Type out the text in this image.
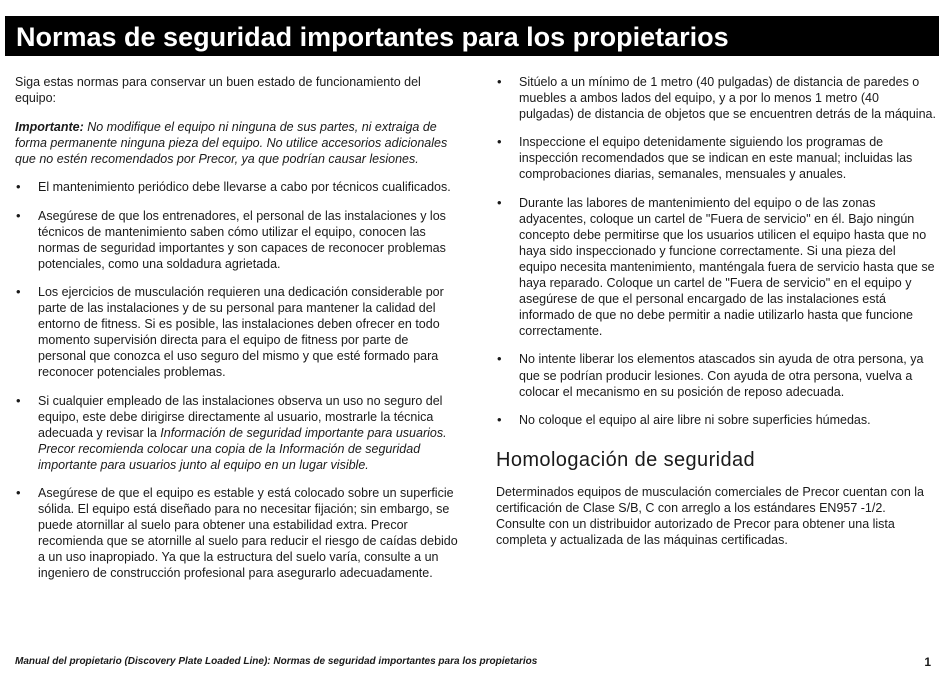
Normas de seguridad importantes para los propietarios

Siga estas normas para conservar un buen estado de funcionamiento del equipo:

Importante: No modifique el equipo ni ninguna de sus partes, ni extraiga de forma permanente ninguna pieza del equipo. No utilice accesorios adicionales que no estén recomendados por Precor, ya que podrían causar lesiones.

• El mantenimiento periódico debe llevarse a cabo por técnicos cualificados.
• Asegúrese de que los entrenadores, el personal de las instalaciones y los técnicos de mantenimiento saben cómo utilizar el equipo, conocen las normas de seguridad importantes y son capaces de reconocer problemas potenciales, como una soldadura agrietada.
• Los ejercicios de musculación requieren una dedicación considerable por parte de las instalaciones y de su personal para mantener la calidad del entorno de fitness. Si es posible, las instalaciones deben ofrecer en todo momento supervisión directa para el equipo de fitness por parte de personal que conozca el uso seguro del mismo y que esté formado para reconocer potenciales problemas.
• Si cualquier empleado de las instalaciones observa un uso no seguro del equipo, este debe dirigirse directamente al usuario, mostrarle la técnica adecuada y revisar la Información de seguridad importante para usuarios. Precor recomienda colocar una copia de la Información de seguridad importante para usuarios junto al equipo en un lugar visible.
• Asegúrese de que el equipo es estable y está colocado sobre un superficie sólida. El equipo está diseñado para no necesitar fijación; sin embargo, se puede atornillar al suelo para obtener una estabilidad extra. Precor recomienda que se atornille al suelo para reducir el riesgo de caídas debido a un uso inapropiado. Ya que la estructura del suelo varía, consulte a un ingeniero de construcción profesional para asegurarlo adecuadamente.
• Sitúelo a un mínimo de 1 metro (40 pulgadas) de distancia de paredes o muebles a ambos lados del equipo, y a por lo menos 1 metro (40 pulgadas) de distancia de objetos que se encuentren detrás de la máquina.
• Inspeccione el equipo detenidamente siguiendo los programas de inspección recomendados que se indican en este manual; incluidas las comprobaciones diarias, semanales, mensuales y anuales.
• Durante las labores de mantenimiento del equipo o de las zonas adyacentes, coloque un cartel de "Fuera de servicio" en él. Bajo ningún concepto debe permitirse que los usuarios utilicen el equipo hasta que no haya sido inspeccionado y funcione correctamente. Si una pieza del equipo necesita mantenimiento, manténgala fuera de servicio hasta que se haya reparado. Coloque un cartel de "Fuera de servicio" en el equipo y asegúrese de que el personal encargado de las instalaciones está informado de que no debe permitir a nadie utilizarlo hasta que funcione correctamente.
• No intente liberar los elementos atascados sin ayuda de otra persona, ya que se podrían producir lesiones. Con ayuda de otra persona, vuelva a colocar el mecanismo en su posición de reposo adecuada.
• No coloque el equipo al aire libre ni sobre superficies húmedas.
Homologación de seguridad

Determinados equipos de musculación comerciales de Precor cuentan con la certificación de Clase S/B, C con arreglo a los estándares EN957 -1/2. Consulte con un distribuidor autorizado de Precor para obtener una lista completa y actualizada de las máquinas certificadas.

Manual del propietario (Discovery Plate Loaded Line): Normas de seguridad importantes para los propietarios	1
